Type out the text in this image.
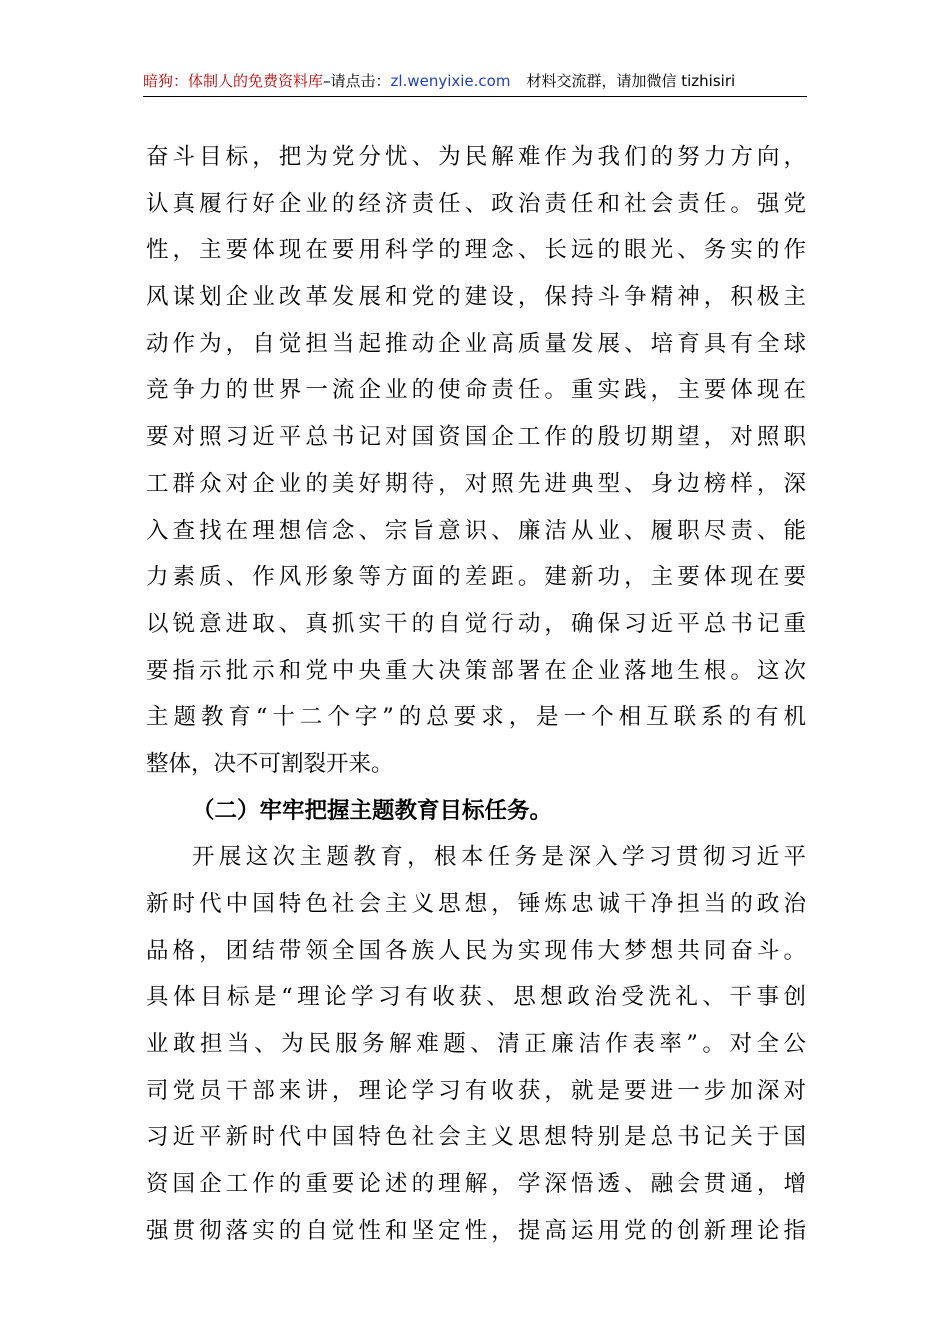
暗狗：体制人的免费资料库–请点击：zl.wenyixie.com 材料交流群，请加微信 tizhisiri
奋斗目标，把为党分忧、为民解难作为我们的努力方向，
认真履行好企业的经济责任、政治责任和社会责任。强党
性，主要体现在要用科学的理念、长远的眼光、务实的作
风谋划企业改革发展和党的建设，保持斗争精神，积极主
动作为，自觉担当起推动企业高质量发展、培育具有全球
竞争力的世界一流企业的使命责任。重实践，主要体现在
要对照习近平总书记对国资国企工作的殷切期望，对照职
工群众对企业的美好期待，对照先进典型、身边榜样，深
入查找在理想信念、宗旨意识、廉洁从业、履职尽责、能
力素质、作风形象等方面的差距。建新功，主要体现在要
以锐意进取、真抓实干的自觉行动，确保习近平总书记重
要指示批示和党中央重大决策部署在企业落地生根。这次
主题教育“十二个字”的总要求，是一个相互联系的有机
整体，决不可割裂开来。
（二）牢牢把握主题教育目标任务。
开展这次主题教育，根本任务是深入学习贯彻习近平
新时代中国特色社会主义思想，锤炼忠诚干净担当的政治
品格，团结带领全国各族人民为实现伟大梦想共同奋斗。
具体目标是“理论学习有收获、思想政治受洗礼、干事创
业敢担当、为民服务解难题、清正廉洁作表率”。对全公
司党员干部来讲，理论学习有收获，就是要进一步加深对
习近平新时代中国特色社会主义思想特别是总书记关于国
资国企工作的重要论述的理解，学深悟透、融会贯通，增
强贯彻落实的自觉性和坚定性，提高运用党的创新理论指
